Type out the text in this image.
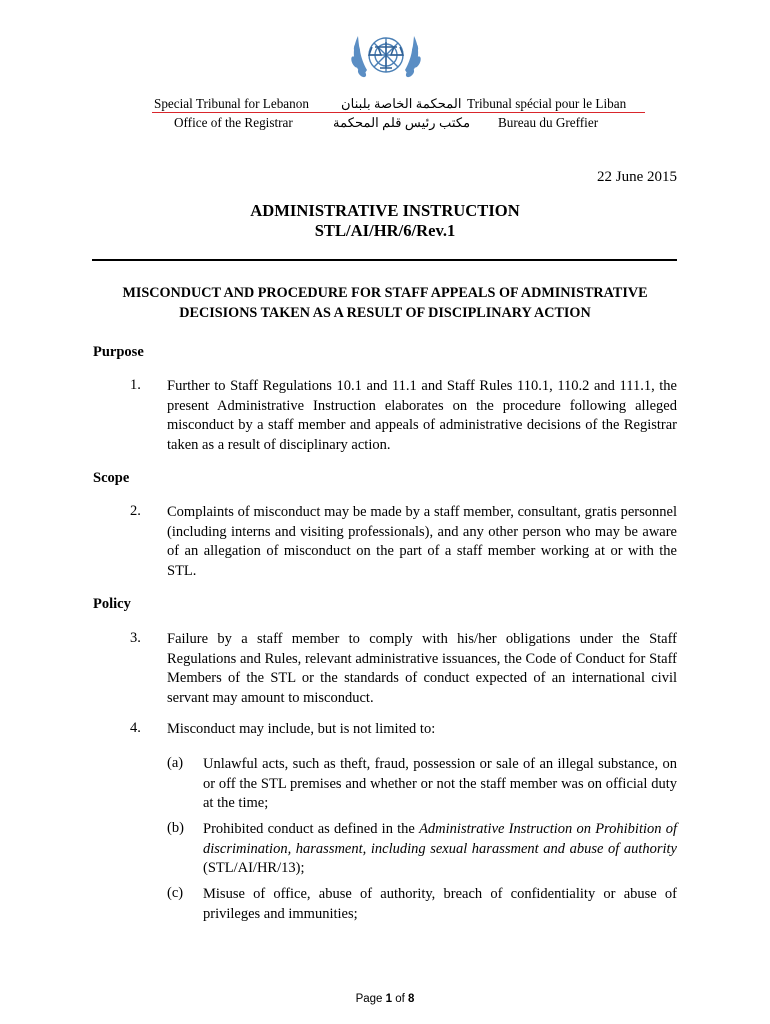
Special Tribunal for Lebanon المحكمة الخاصة بلبنان Tribunal spécial pour le Liban
Office of the Registrar	مكتب رئيس قلم المحكمة Bureau du Greffier
22 June 2015
ADMINISTRATIVE INSTRUCTION
STL/AI/HR/6/Rev.1
MISCONDUCT AND PROCEDURE FOR STAFF APPEALS OF ADMINISTRATIVE
DECISIONS TAKEN AS A RESULT OF DISCIPLINARY ACTION
Purpose
1. Further to Staff Regulations 10.1 and 11.1 and Staff Rules 110.1, 110.2 and 111.1, the present Administrative Instruction elaborates on the procedure following alleged misconduct by a staff member and appeals of administrative decisions of the Registrar taken as a result of disciplinary action.
Scope
2. Complaints of misconduct may be made by a staff member, consultant, gratis personnel (including interns and visiting professionals), and any other person who may be aware of an allegation of misconduct on the part of a staff member working at or with the STL.
Policy
3. Failure by a staff member to comply with his/her obligations under the Staff Regulations and Rules, relevant administrative issuances, the Code of Conduct for Staff Members of the STL or the standards of conduct expected of an international civil servant may amount to misconduct.
4. Misconduct may include, but is not limited to:
(a) Unlawful acts, such as theft, fraud, possession or sale of an illegal substance, on or off the STL premises and whether or not the staff member was on official duty at the time;
(b) Prohibited conduct as defined in the Administrative Instruction on Prohibition of discrimination, harassment, including sexual harassment and abuse of authority (STL/AI/HR/13);
(c) Misuse of office, abuse of authority, breach of confidentiality or abuse of privileges and immunities;
Page 1 of 8
